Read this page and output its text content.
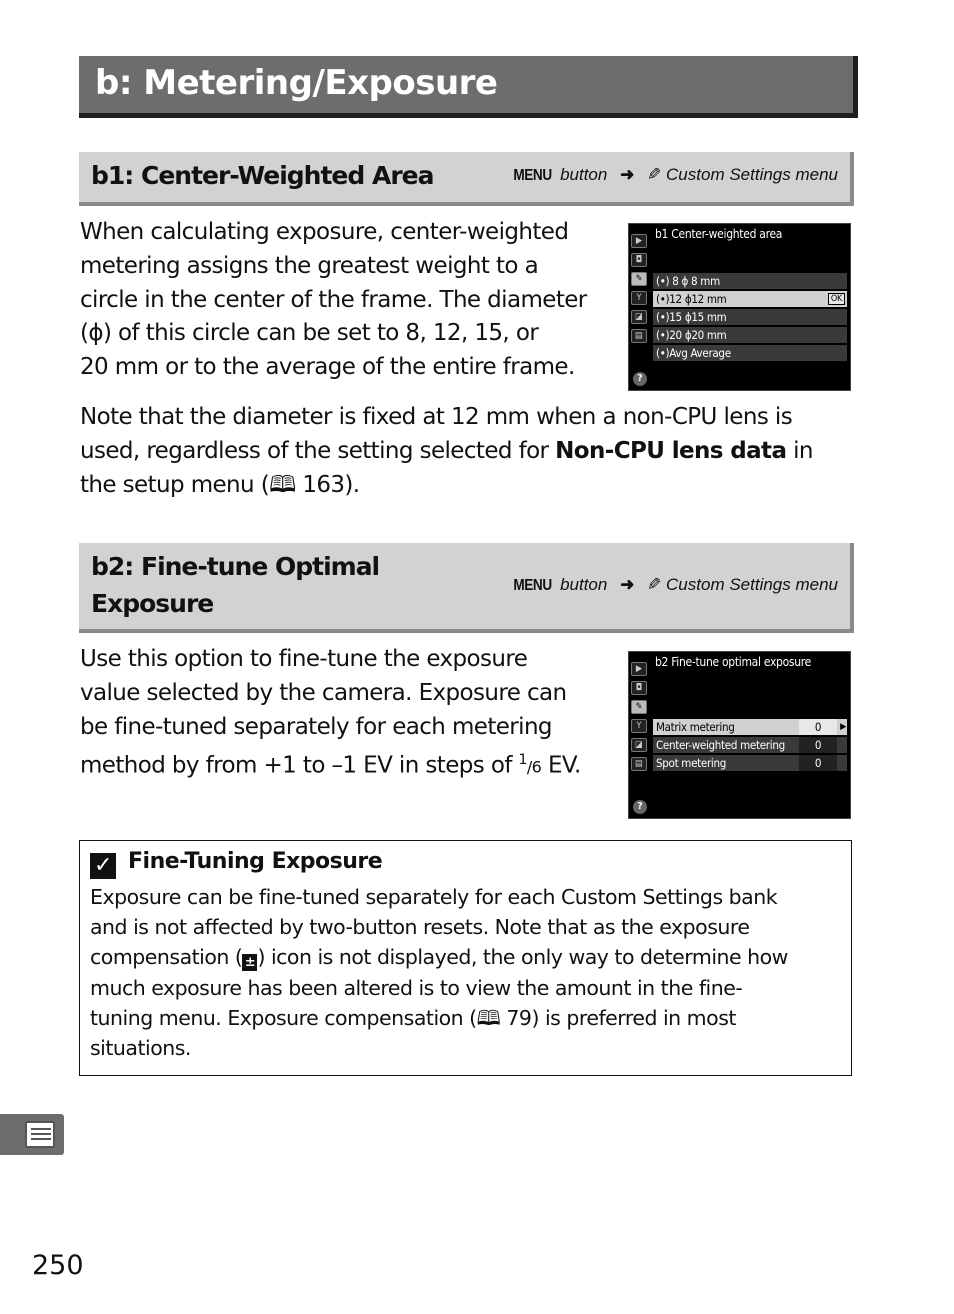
b: Metering/Exposure
b1: Center-Weighted Area	MENU button ➜ ✎ Custom Settings menu

When calculating exposure, center-weighted

metering assigns the greatest weight to a

circle in the center of the frame. The diameter

(ϕ) of this circle can be set to 8, 12, 15, or

20 mm or to the average of the entire frame.

b1 Center-weighted area
▶
◘
✎
Y
◪
▤
(•) 8 ϕ 8 mm
(•)12 ϕ12 mm	OK
(•)15 ϕ15 mm
(•)20 ϕ20 mm
(•)Avg Average
?

Note that the diameter is fixed at 12 mm when a non-CPU lens is

used, regardless of the setting selected for Non-CPU lens data in

the setup menu (🕮 163).

b2: Fine-tune Optimal
Exposure
MENU button ➜ ✎ Custom Settings menu

Use this option to fine-tune the exposure

value selected by the camera. Exposure can

be fine-tuned separately for each metering

method by from +1 to –1 EV in steps of $^1$/6 EV.

b2 Fine-tune optimal exposure
▶
◘
✎
Y
◪
▤
Matrix metering	0	▶
Center-weighted metering	0
Spot metering	0
?
✓ Fine-Tuning Exposure

Exposure can be fine-tuned separately for each Custom Settings bank

and is not affected by two-button resets. Note that as the exposure

compensation ( ± ) icon is not displayed, the only way to determine how

much exposure has been altered is to view the amount in the fine-

tuning menu. Exposure compensation (🕮 79) is preferred in most

situations.

250
